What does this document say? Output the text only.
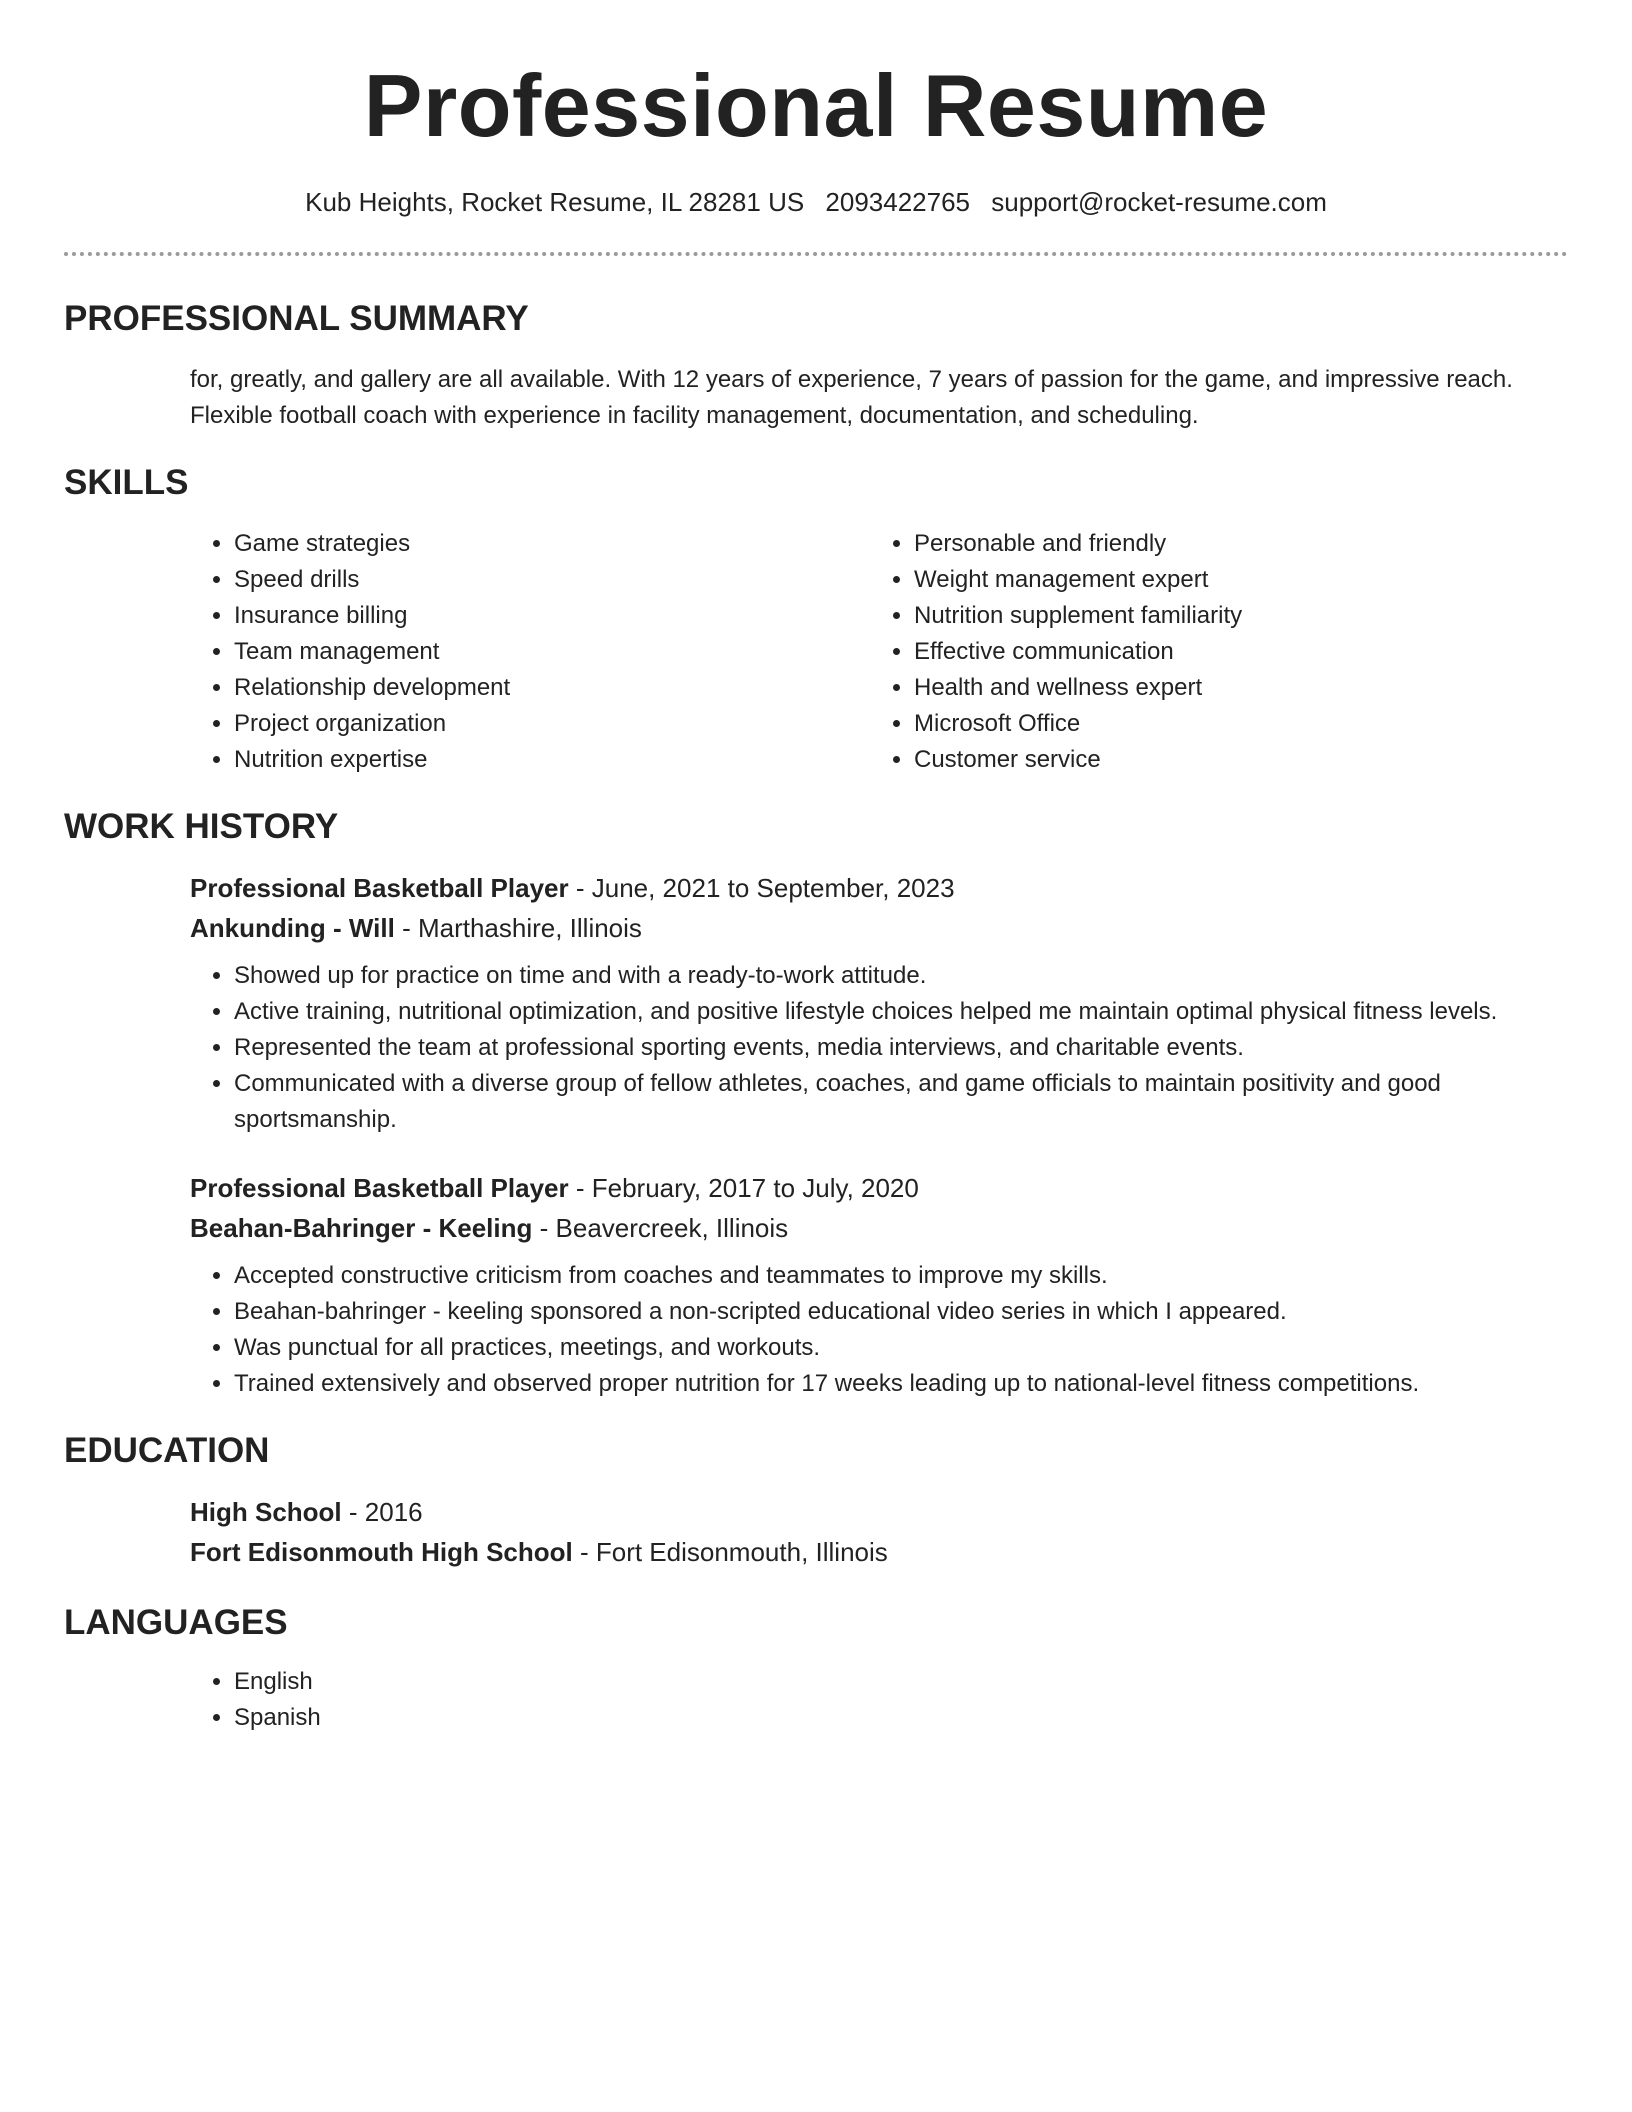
Professional Resume
Kub Heights, Rocket Resume, IL 28281 US 2093422765 support@rocket-resume.com
PROFESSIONAL SUMMARY

for, greatly, and gallery are all available. With 12 years of experience, 7 years of passion for the game, and impressive reach. Flexible football coach with experience in facility management, documentation, and scheduling.

SKILLS
• Game strategies
• Speed drills
• Insurance billing
• Team management
• Relationship development
• Project organization
• Nutrition expertise
• Personable and friendly
• Weight management expert
• Nutrition supplement familiarity
• Effective communication
• Health and wellness expert
• Microsoft Office
• Customer service
WORK HISTORY
Professional Basketball Player - June, 2021 to September, 2023
Ankunding - Will - Marthashire, Illinois
• Showed up for practice on time and with a ready-to-work attitude.
• Active training, nutritional optimization, and positive lifestyle choices helped me maintain optimal physical fitness levels.
• Represented the team at professional sporting events, media interviews, and charitable events.
• Communicated with a diverse group of fellow athletes, coaches, and game officials to maintain positivity and good sportsmanship.
Professional Basketball Player - February, 2017 to July, 2020
Beahan-Bahringer - Keeling - Beavercreek, Illinois
• Accepted constructive criticism from coaches and teammates to improve my skills.
• Beahan-bahringer - keeling sponsored a non-scripted educational video series in which I appeared.
• Was punctual for all practices, meetings, and workouts.
• Trained extensively and observed proper nutrition for 17 weeks leading up to national-level fitness competitions.
EDUCATION
High School - 2016
Fort Edisonmouth High School - Fort Edisonmouth, Illinois
LANGUAGES
• English
• Spanish
